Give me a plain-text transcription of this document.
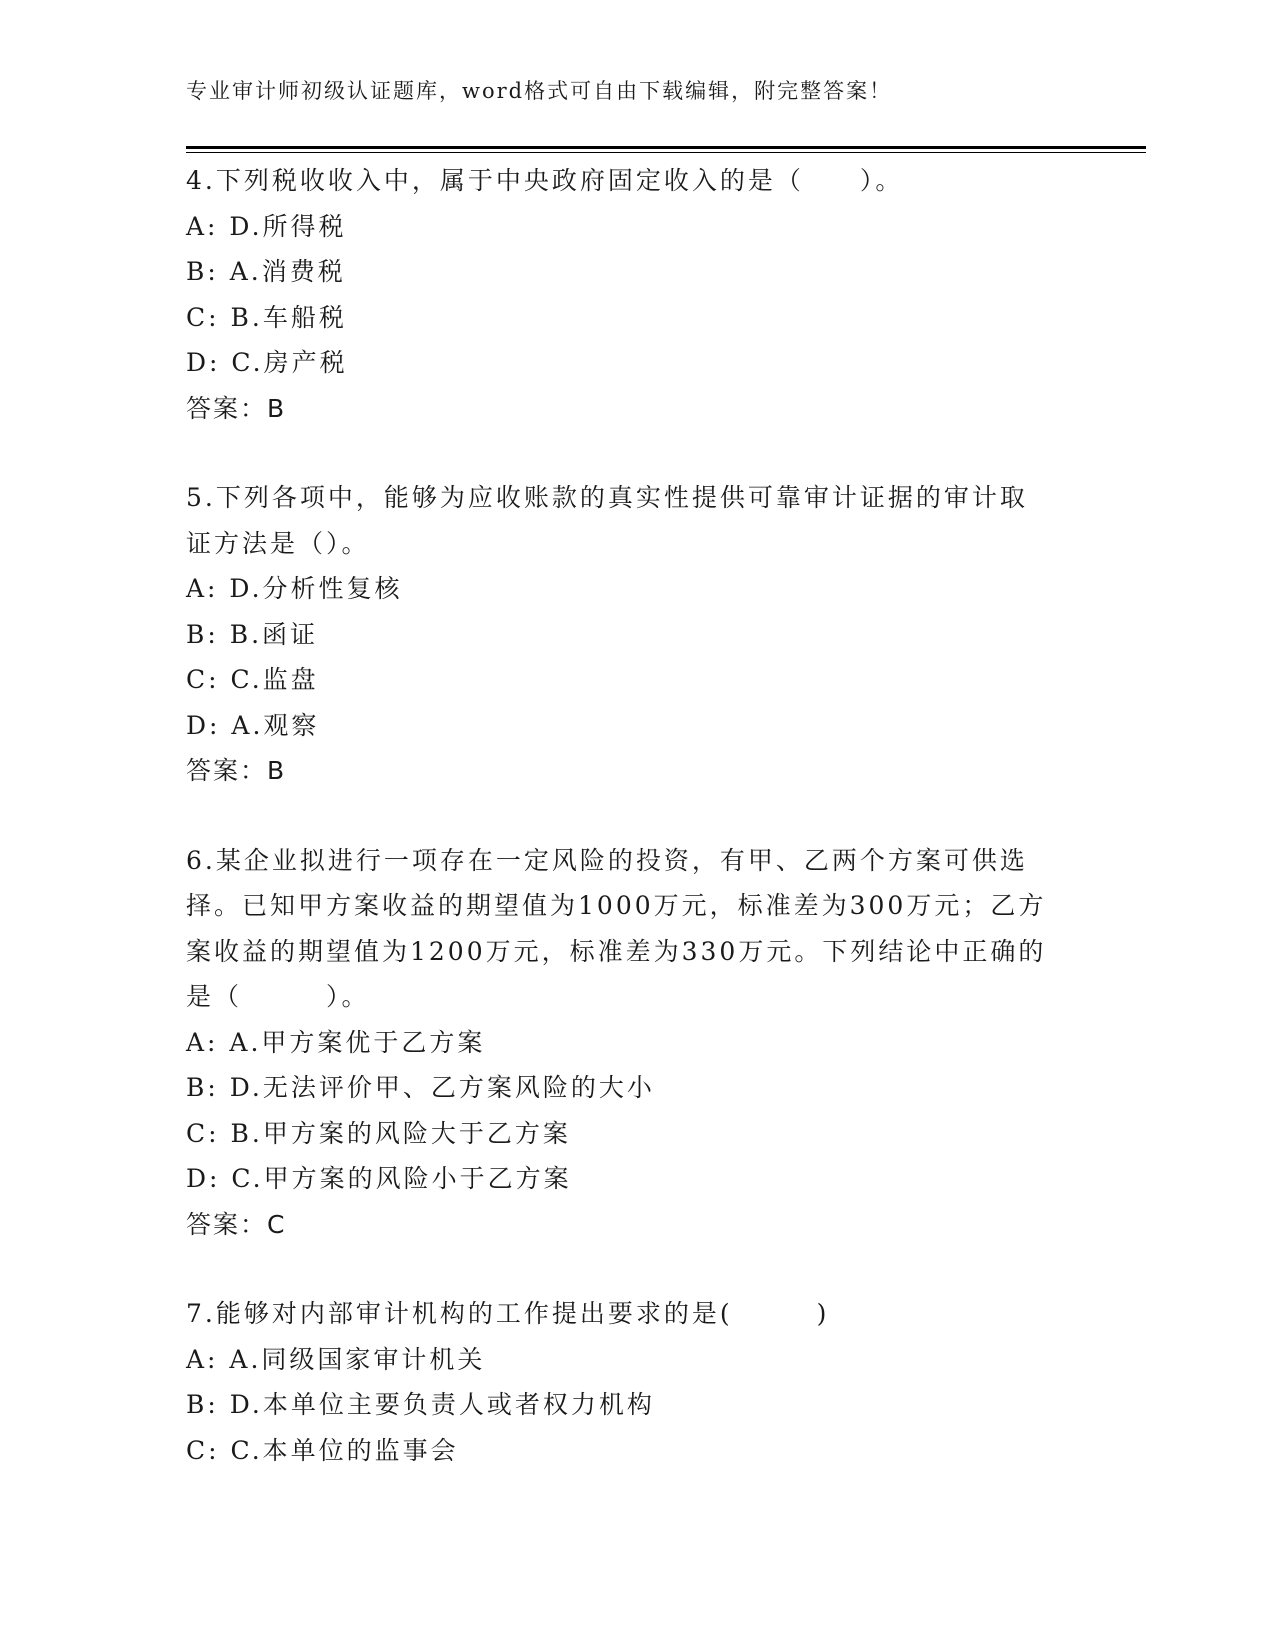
专业审计师初级认证题库，word格式可自由下载编辑，附完整答案！
4.下列税收收入中，属于中央政府固定收入的是（　　）。
A: D.所得税
B: A.消费税
C: B.车船税
D: C.房产税
答案：B
5.下列各项中，能够为应收账款的真实性提供可靠审计证据的审计取
证方法是（）。
A: D.分析性复核
B: B.函证
C: C.监盘
D: A.观察
答案：B
6.某企业拟进行一项存在一定风险的投资，有甲、乙两个方案可供选
择。已知甲方案收益的期望值为1000万元，标准差为300万元；乙方
案收益的期望值为1200万元，标准差为330万元。下列结论中正确的
是（　　　）。
A: A.甲方案优于乙方案
B: D.无法评价甲、乙方案风险的大小
C: B.甲方案的风险大于乙方案
D: C.甲方案的风险小于乙方案
答案：C
7.能够对内部审计机构的工作提出要求的是(　　　)
A: A.同级国家审计机关
B: D.本单位主要负责人或者权力机构
C: C.本单位的监事会
